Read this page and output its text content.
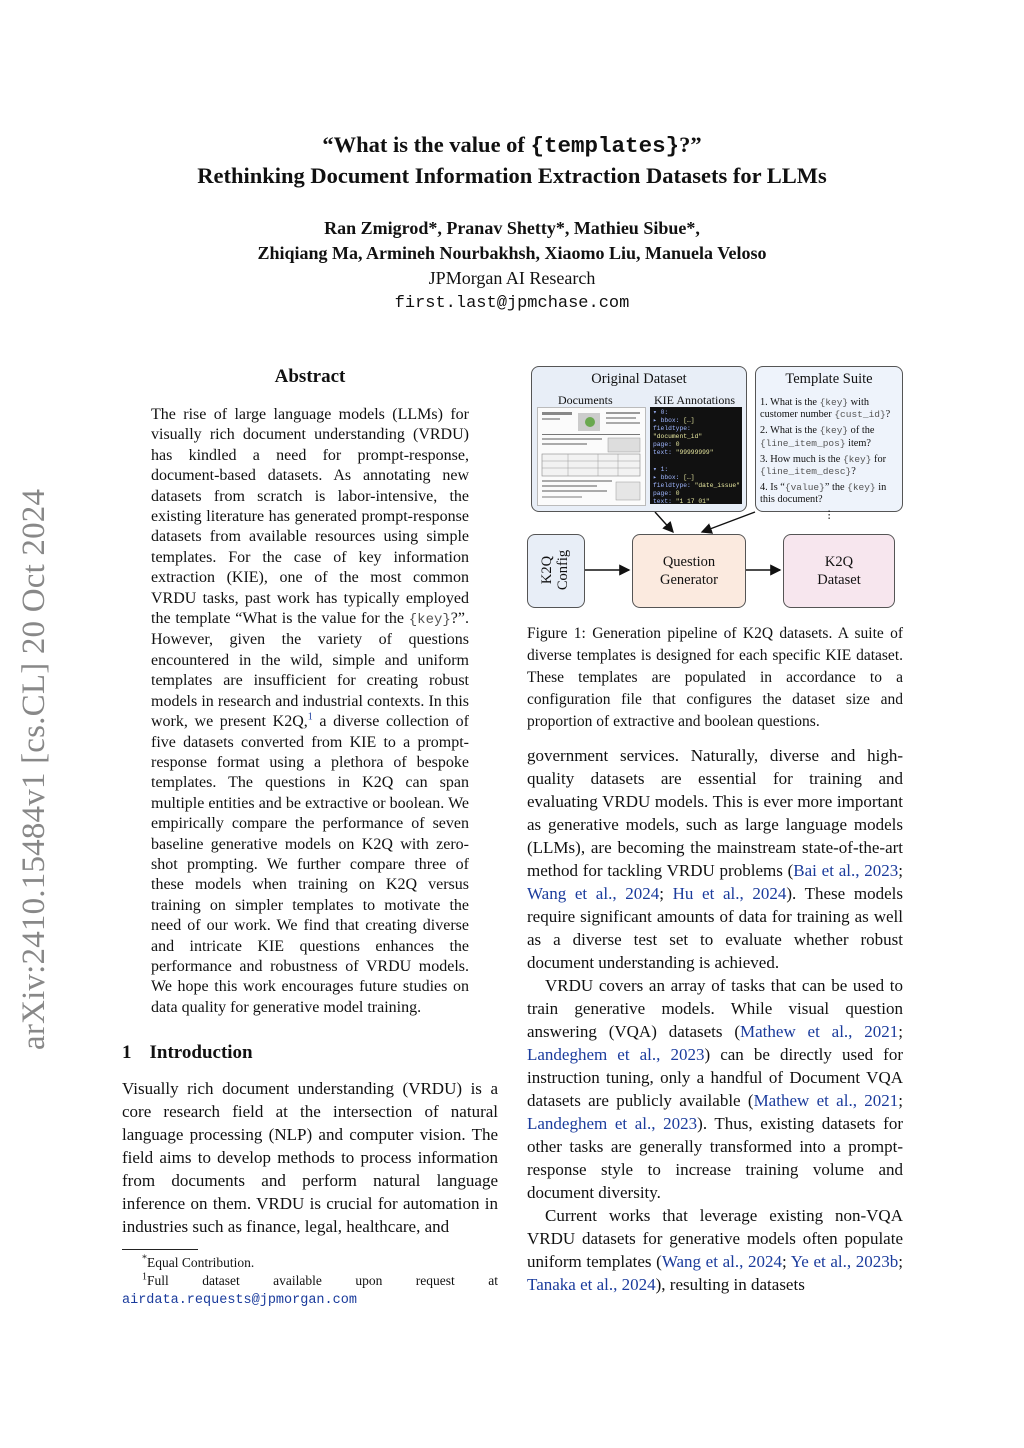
arXiv:2410.15484v1 [cs.CL] 20 Oct 2024
“What is the value of {templates}?”
Rethinking Document Information Extraction Datasets for LLMs
Ran Zmigrod*, Pranav Shetty*, Mathieu Sibue*,
Zhiqiang Ma, Armineh Nourbakhsh, Xiaomo Liu, Manuela Veloso
JPMorgan AI Research
first.last@jpmchase.com
Abstract
The rise of large language models (LLMs) for visually rich document understanding (VRDU) has kindled a need for prompt-response, document-based datasets. As annotating new datasets from scratch is labor-intensive, the existing literature has generated prompt-response datasets from available resources using simple templates. For the case of key information extraction (KIE), one of the most common VRDU tasks, past work has typically employed the template “What is the value for the {key}?”. However, given the variety of questions encountered in the wild, simple and uniform templates are insufficient for creating robust models in research and industrial contexts. In this work, we present K2Q,$^1$ a diverse collection of five datasets converted from KIE to a prompt-response format using a plethora of bespoke templates. The questions in K2Q can span multiple entities and be extractive or boolean. We empirically compare the performance of seven baseline generative models on K2Q with zero-shot prompting. We further compare three of these models when training on K2Q versus training on simpler templates to motivate the need of our work. We find that creating diverse and intricate KIE questions enhances the performance and robustness of VRDU models. We hope this work encourages future studies on data quality for generative model training.
1 Introduction
Visually rich document understanding (VRDU) is a core research field at the intersection of natural language processing (NLP) and computer vision. The field aims to develop methods to process information from documents and perform natural language inference on them. VRDU is crucial for automation in industries such as finance, legal, healthcare, and
*Equal Contribution.
$^1$Full dataset available upon request at airdata.requests@jpmorgan.com
Original Dataset
Documents	KIE Annotations
▾ 0:
▸ bbox: […]
fieldtype: "document_id"
page: 0
text: "99999999"

▾ 1:
▸ bbox: […]
fieldtype: "date_issue"
page: 0
text: "1 17 01"
Template Suite
1. What is the {key} with customer number {cust_id}?
2. What is the {key} of the {line_item_pos} item?
3. How much is the {key} for {line_item_desc}?
4. Is “{value}” the {key} in this document?
⋮
K2Q
Config	Question
Generator
K2Q
Dataset
Figure 1: Generation pipeline of K2Q datasets. A suite of diverse templates is designed for each specific KIE dataset. These templates are populated in accordance to a configuration file that configures the dataset size and proportion of extractive and boolean questions.

government services. Naturally, diverse and high-quality datasets are essential for training and evaluating VRDU models. This is ever more important as generative models, such as large language models (LLMs), are becoming the mainstream state-of-the-art method for tackling VRDU problems (Bai et al., 2023; Wang et al., 2024; Hu et al., 2024). These models require significant amounts of data for training as well as a diverse test set to evaluate whether robust document understanding is achieved.

VRDU covers an array of tasks that can be used to train generative models. While visual question answering (VQA) datasets (Mathew et al., 2021; Landeghem et al., 2023) can be directly used for instruction tuning, only a handful of Document VQA datasets are publicly available (Mathew et al., 2021; Landeghem et al., 2023). Thus, existing datasets for other tasks are generally transformed into a prompt-response style to increase training volume and document diversity.

Current works that leverage existing non-VQA VRDU datasets for generative models often populate uniform templates (Wang et al., 2024; Ye et al., 2023b; Tanaka et al., 2024), resulting in datasets
